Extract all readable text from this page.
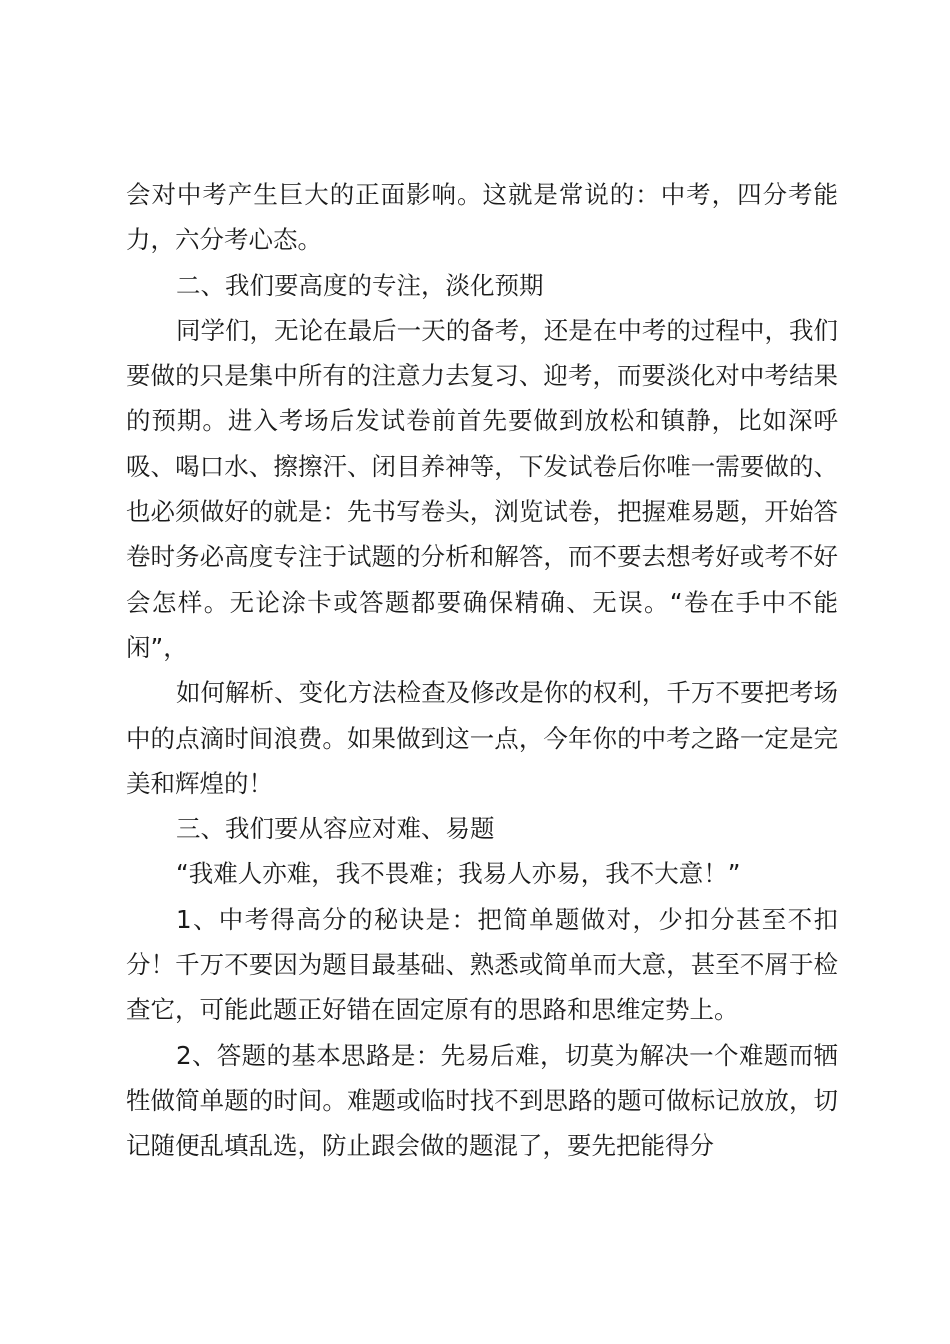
会对中考产生巨大的正面影响。这就是常说的：中考，四分考能力，六分考心态。

二、我们要高度的专注，淡化预期

同学们，无论在最后一天的备考，还是在中考的过程中，我们要做的只是集中所有的注意力去复习、迎考，而要淡化对中考结果的预期。进入考场后发试卷前首先要做到放松和镇静，比如深呼吸、喝口水、擦擦汗、闭目养神等，下发试卷后你唯一需要做的、也必须做好的就是：先书写卷头，浏览试卷，把握难易题，开始答卷时务必高度专注于试题的分析和解答，而不要去想考好或考不好会怎样。无论涂卡或答题都要确保精确、无误。“卷在手中不能闲”，

如何解析、变化方法检查及修改是你的权利，千万不要把考场中的点滴时间浪费。如果做到这一点，今年你的中考之路一定是完美和辉煌的！

三、我们要从容应对难、易题

“我难人亦难，我不畏难；我易人亦易，我不大意！”

1、中考得高分的秘诀是：把简单题做对，少扣分甚至不扣分！千万不要因为题目最基础、熟悉或简单而大意，甚至不屑于检查它，可能此题正好错在固定原有的思路和思维定势上。

2、答题的基本思路是：先易后难，切莫为解决一个难题而牺牲做简单题的时间。难题或临时找不到思路的题可做标记放放，切记随便乱填乱选，防止跟会做的题混了，要先把能得分
